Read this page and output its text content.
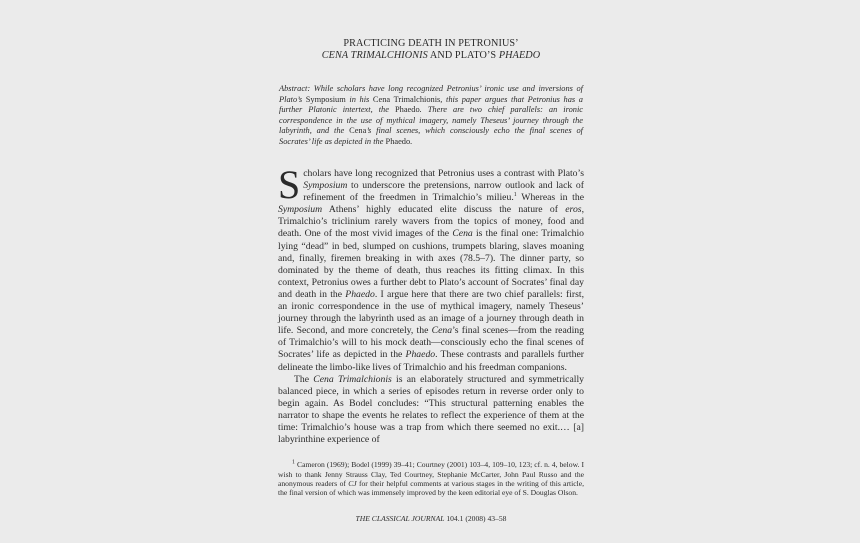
PRACTICING DEATH IN PETRONIUS’
CENA TRIMALCHIONIS AND PLATO’S PHAEDO
Abstract: While scholars have long recognized Petronius’ ironic use and inversions of Plato’s Symposium in his Cena Trimalchionis, this paper argues that Petronius has a further Platonic intertext, the Phaedo. There are two chief parallels: an ironic correspondence in the use of mythical imagery, namely Theseus’ journey through the labyrinth, and the Cena’s final scenes, which consciously echo the final scenes of Socrates’ life as depicted in the Phaedo.

Scholars have long recognized that Petronius uses a contrast with Plato’s Symposium to underscore the pretensions, narrow outlook and lack of refinement of the freedmen in Trimalchio’s milieu.$^1$ Whereas in the Symposium Athens’ highly educated elite discuss the nature of eros, Trimalchio’s triclinium rarely wavers from the topics of money, food and death. One of the most vivid images of the Cena is the final one: Trimalchio lying “dead” in bed, slumped on cushions, trumpets blaring, slaves moaning and, finally, firemen breaking in with axes (78.5–7). The dinner party, so dominated by the theme of death, thus reaches its fitting climax. In this context, Petronius owes a further debt to Plato’s account of Socrates’ final day and death in the Phaedo. I argue here that there are two chief parallels: first, an ironic correspondence in the use of mythical imagery, namely Theseus’ journey through the labyrinth used as an image of a journey through death in life. Second, and more concretely, the Cena’s final scenes—from the reading of Trimalchio’s will to his mock death—consciously echo the final scenes of Socrates’ life as depicted in the Phaedo. These contrasts and parallels further delineate the limbo-like lives of Trimalchio and his freedman companions.

The Cena Trimalchionis is an elaborately structured and symmetrically balanced piece, in which a series of episodes return in reverse order only to begin again. As Bodel concludes: “This structural patterning enables the narrator to shape the events he relates to reflect the experience of them at the time: Trimalchio’s house was a trap from which there seemed no exit.… [a] labyrinthine experience of

$^1$ Cameron (1969); Bodel (1999) 39–41; Courtney (2001) 103–4, 109–10, 123; cf. n. 4, below. I wish to thank Jenny Strauss Clay, Ted Courtney, Stephanie McCarter, John Paul Russo and the anonymous readers of CJ for their helpful comments at various stages in the writing of this article, the final version of which was immensely improved by the keen editorial eye of S. Douglas Olson.
THE CLASSICAL JOURNAL 104.1 (2008) 43–58
